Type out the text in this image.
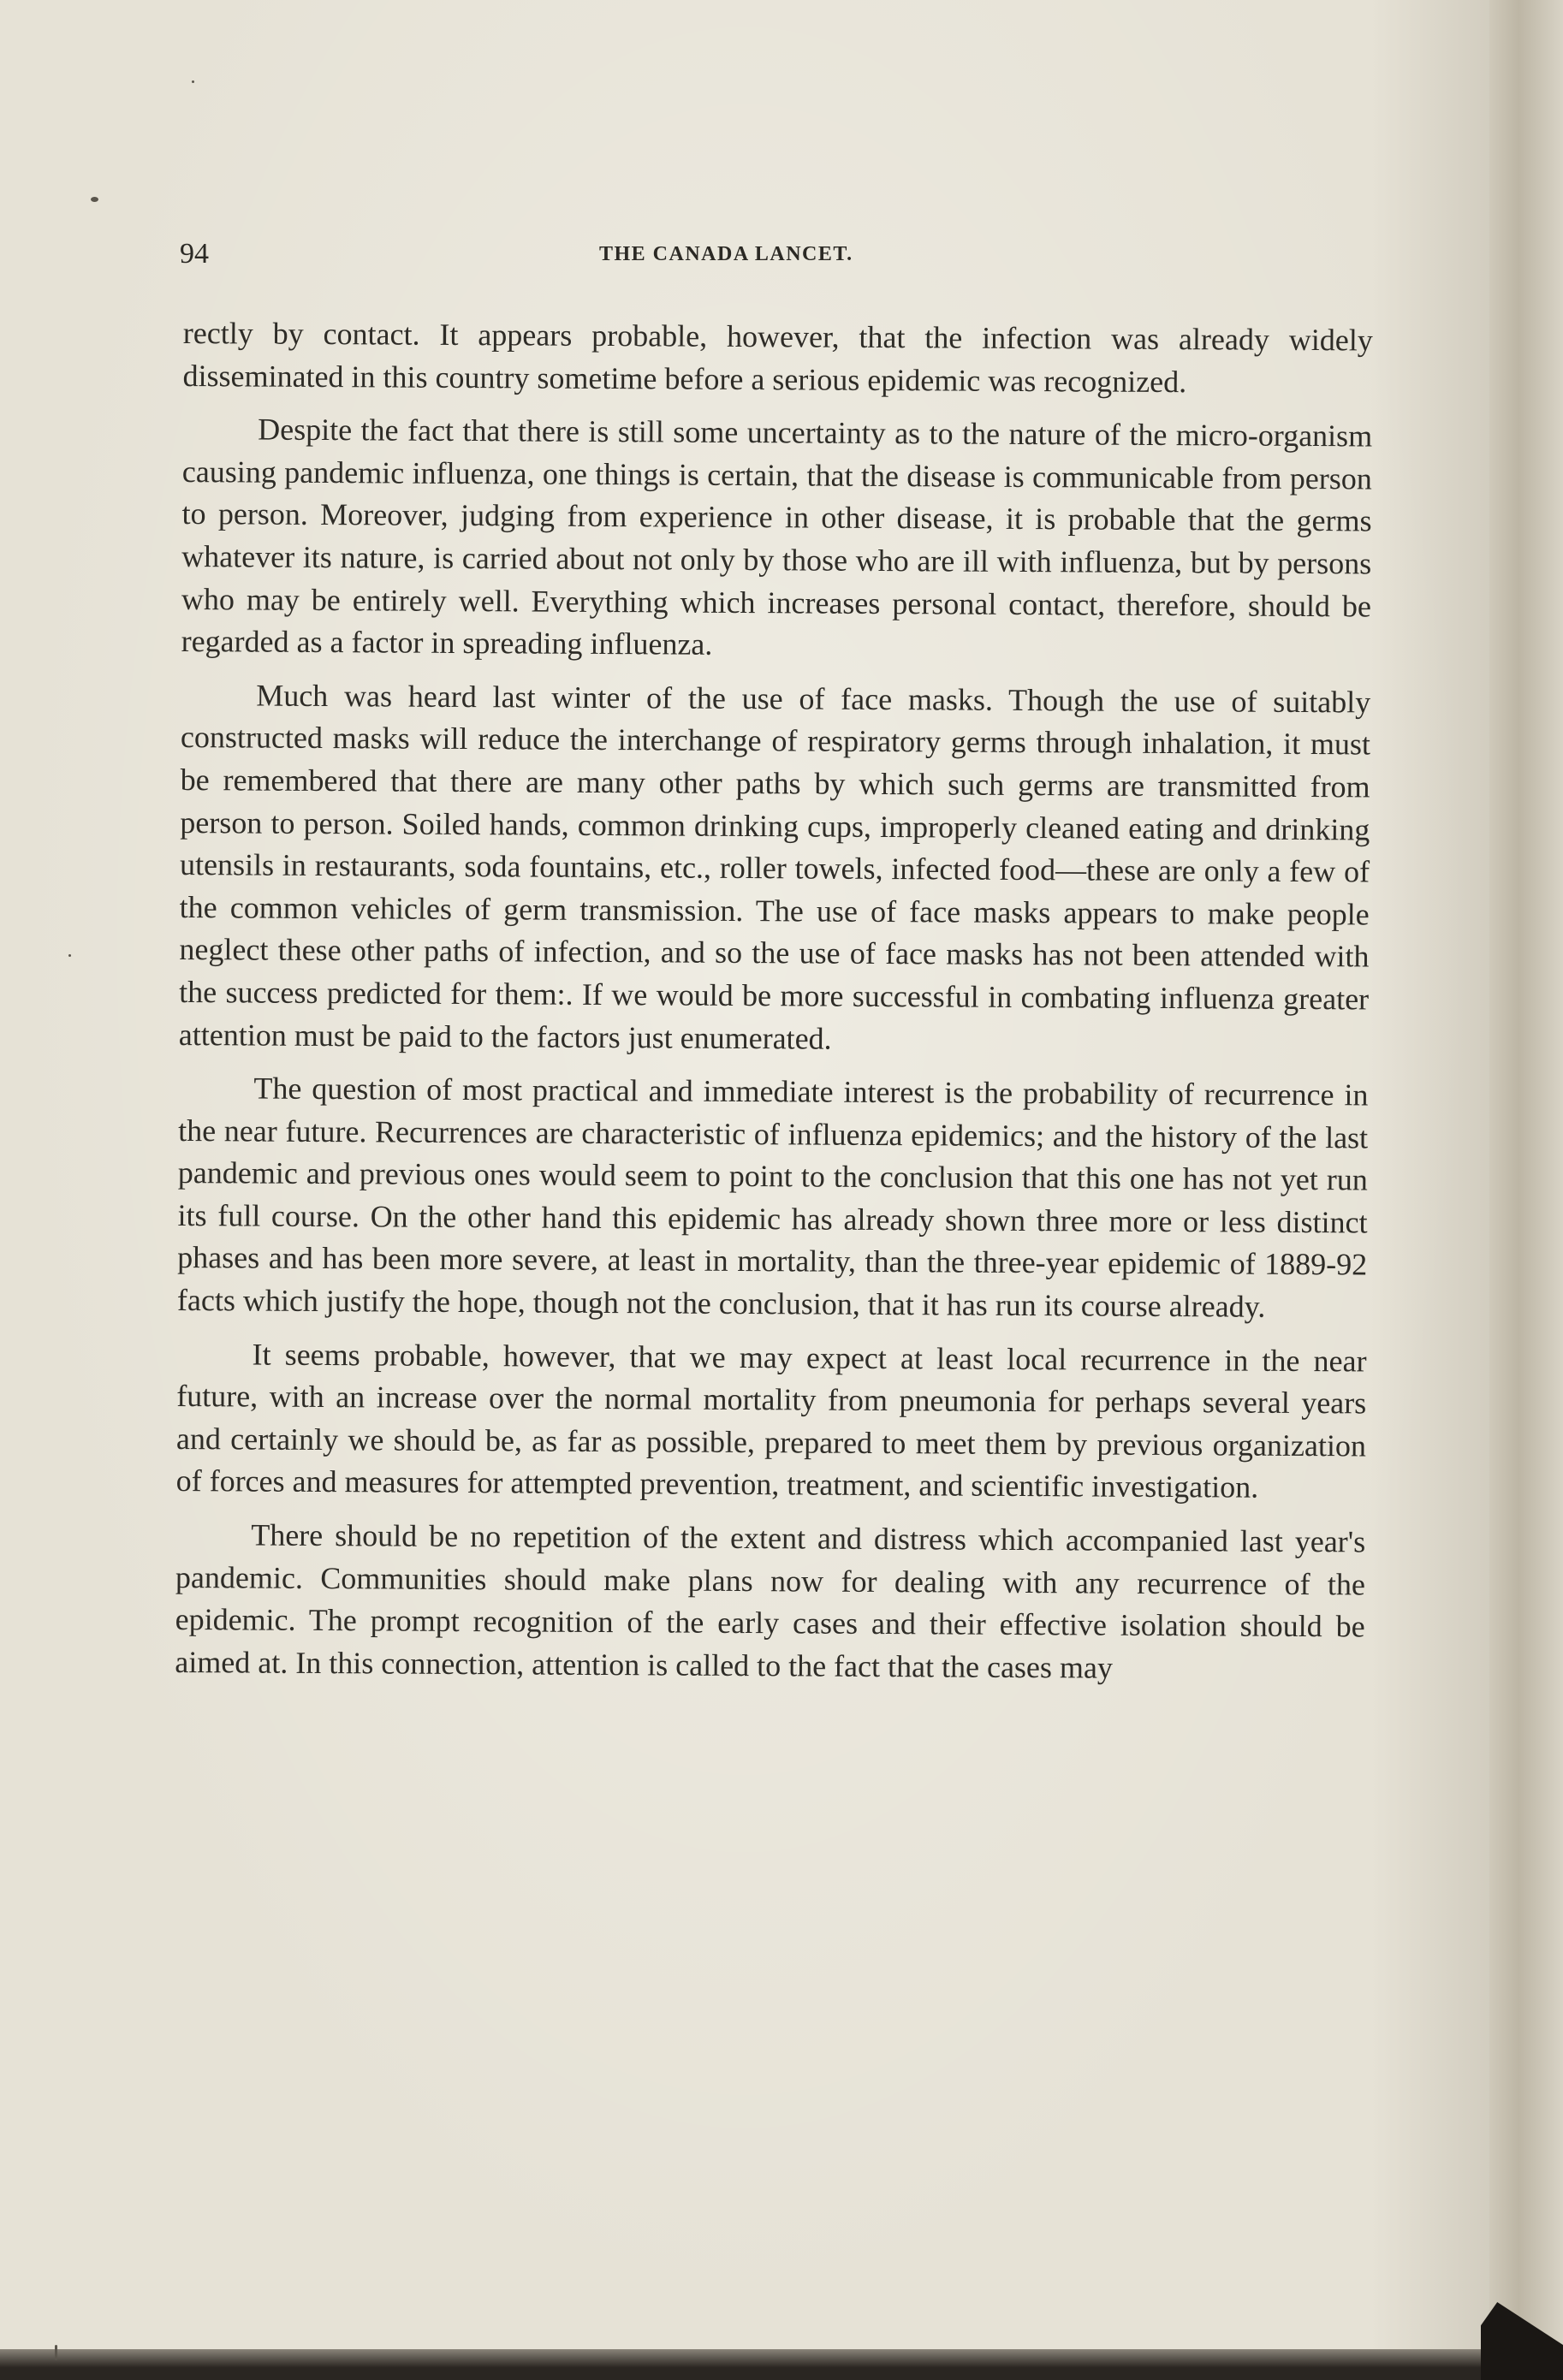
94	THE CANADA LANCET.

rectly by contact. It appears probable, however, that the infection was already widely disseminated in this country sometime before a serious epidemic was recognized.

Despite the fact that there is still some uncertainty as to the nature of the micro-organism causing pandemic influenza, one things is certain, that the disease is communicable from person to person. Moreover, judging from experience in other disease, it is probable that the germs whatever its nature, is carried about not only by those who are ill with influenza, but by persons who may be entirely well. Everything which increases personal contact, therefore, should be regarded as a factor in spreading influenza.

Much was heard last winter of the use of face masks. Though the use of suitably constructed masks will reduce the interchange of respiratory germs through inhalation, it must be remembered that there are many other paths by which such germs are transmitted from person to person. Soiled hands, common drinking cups, improperly cleaned eating and drinking utensils in restaurants, soda fountains, etc., roller towels, infected food—these are only a few of the common vehicles of germ transmission. The use of face masks appears to make people neglect these other paths of infection, and so the use of face masks has not been attended with the success predicted for them:. If we would be more successful in combating influenza greater attention must be paid to the factors just enumerated.

The question of most practical and immediate interest is the probability of recurrence in the near future. Recurrences are characteristic of influenza epidemics; and the history of the last pandemic and previous ones would seem to point to the conclusion that this one has not yet run its full course. On the other hand this epidemic has already shown three more or less distinct phases and has been more severe, at least in mortality, than the three-year epidemic of 1889-92 facts which justify the hope, though not the conclusion, that it has run its course already.

It seems probable, however, that we may expect at least local recurrence in the near future, with an increase over the normal mortality from pneumonia for perhaps several years and certainly we should be, as far as possible, prepared to meet them by previous organization of forces and measures for attempted prevention, treatment, and scientific investigation.

There should be no repetition of the extent and distress which accompanied last year's pandemic. Communities should make plans now for dealing with any recurrence of the epidemic. The prompt recognition of the early cases and their effective isolation should be aimed at. In this connection, attention is called to the fact that the cases may
